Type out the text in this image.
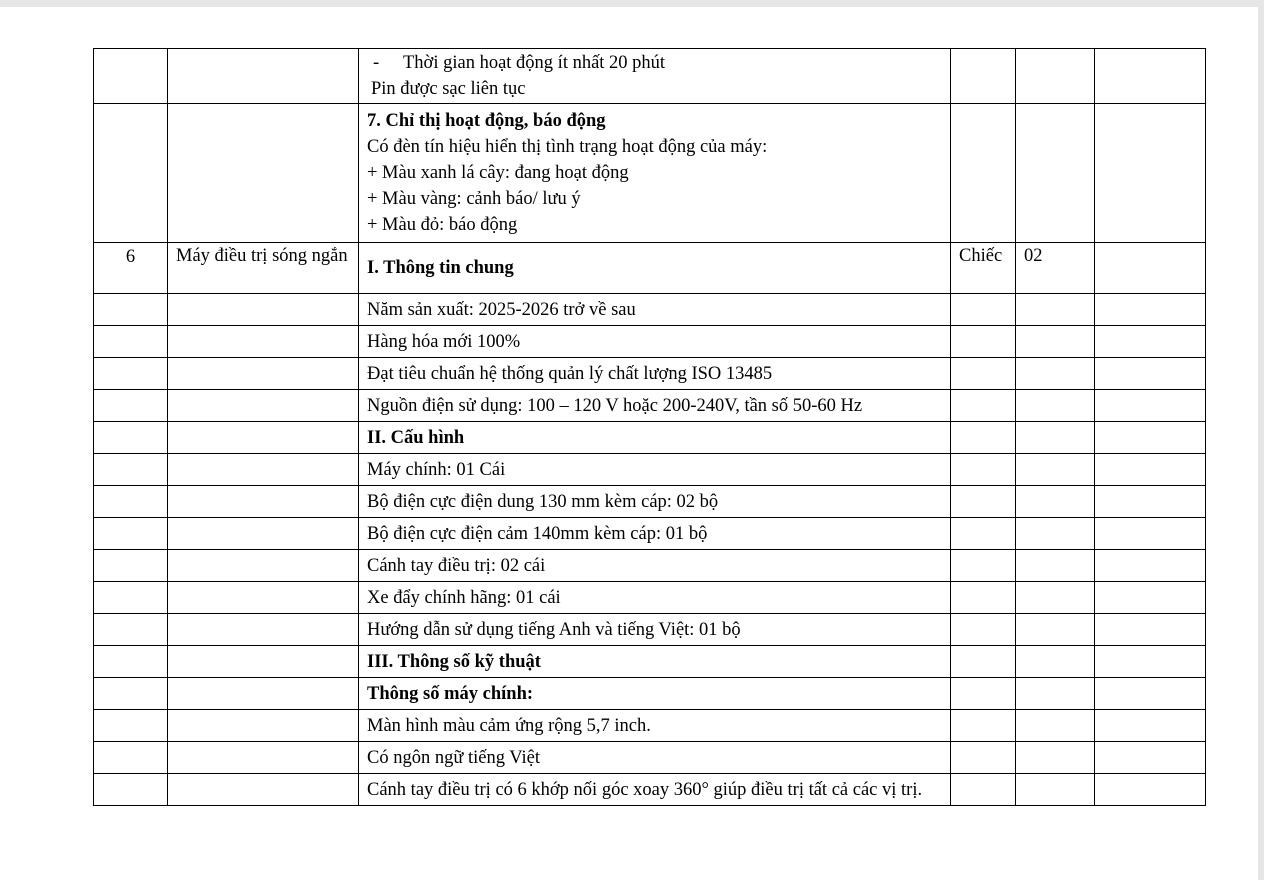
		- Thời gian hoạt động ít nhất 20 phút
Pin được sạc liên tục			

		7. Chỉ thị hoạt động, báo động
Có đèn tín hiệu hiển thị tình trạng hoạt động của máy:
+ Màu xanh lá cây: đang hoạt động
+ Màu vàng: cảnh báo/ lưu ý
+ Màu đỏ: báo động			

6	Máy điều trị sóng ngắn	I. Thông tin chung	Chiếc	02	
		Năm sản xuất: 2025-2026 trở về sau			
		Hàng hóa mới 100%			
		Đạt tiêu chuẩn hệ thống quản lý chất lượng ISO 13485			
		Nguồn điện sử dụng: 100 – 120 V hoặc 200-240V, tần số 50-60 Hz			
		II. Cấu hình			
		Máy chính: 01 Cái			
		Bộ điện cực điện dung 130 mm kèm cáp: 02 bộ			
		Bộ điện cực điện cảm 140mm kèm cáp: 01 bộ			
		Cánh tay điều trị: 02 cái			
		Xe đẩy chính hãng: 01 cái			
		Hướng dẫn sử dụng tiếng Anh và tiếng Việt: 01 bộ			
		III. Thông số kỹ thuật			
		Thông số máy chính:			
		Màn hình màu cảm ứng rộng 5,7 inch.			
		Có ngôn ngữ tiếng Việt			
		Cánh tay điều trị có 6 khớp nối góc xoay 360° giúp điều trị tất cả các vị trị.			
